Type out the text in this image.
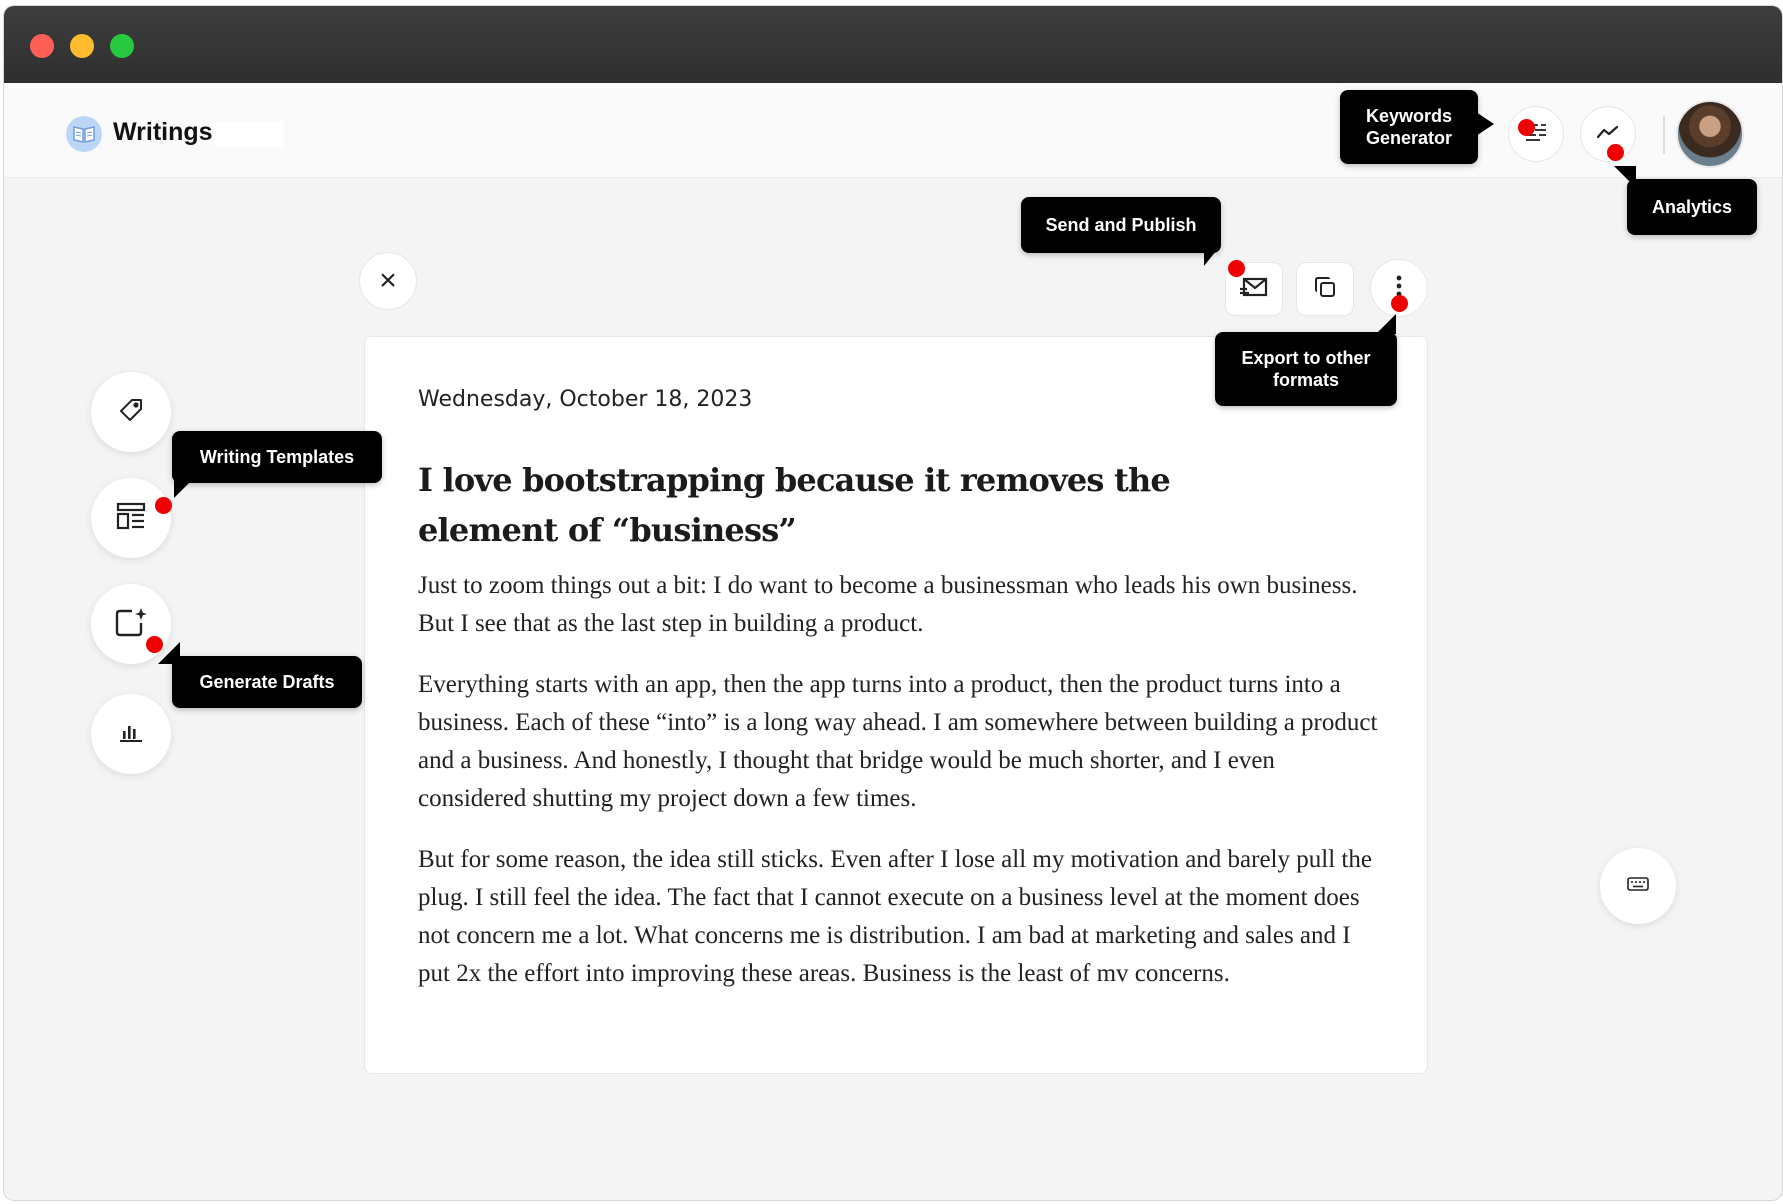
Writings
×
Wednesday, October 18, 2023
I love bootstrapping because it removes the element of “business”

Just to zoom things out a bit: I do want to become a businessman who leads his own business. But I see that as the last step in building a product.

Everything starts with an app, then the app turns into a product, then the product turns into a business. Each of these “into” is a long way ahead. I am somewhere between building a product and a business. And honestly, I thought that bridge would be much shorter, and I even considered shutting my project down a few times.

But for some reason, the idea still sticks. Even after I lose all my motivation and barely pull the plug. I still feel the idea. The fact that I cannot execute on a business level at the moment does not concern me a lot. What concerns me is distribution. I am bad at marketing and sales and I put 2x the effort into improving these areas. Business is the least of mv concerns.

Keywords Generator
Analytics
Send and Publish
Export to other formats
Writing Templates
Generate Drafts
